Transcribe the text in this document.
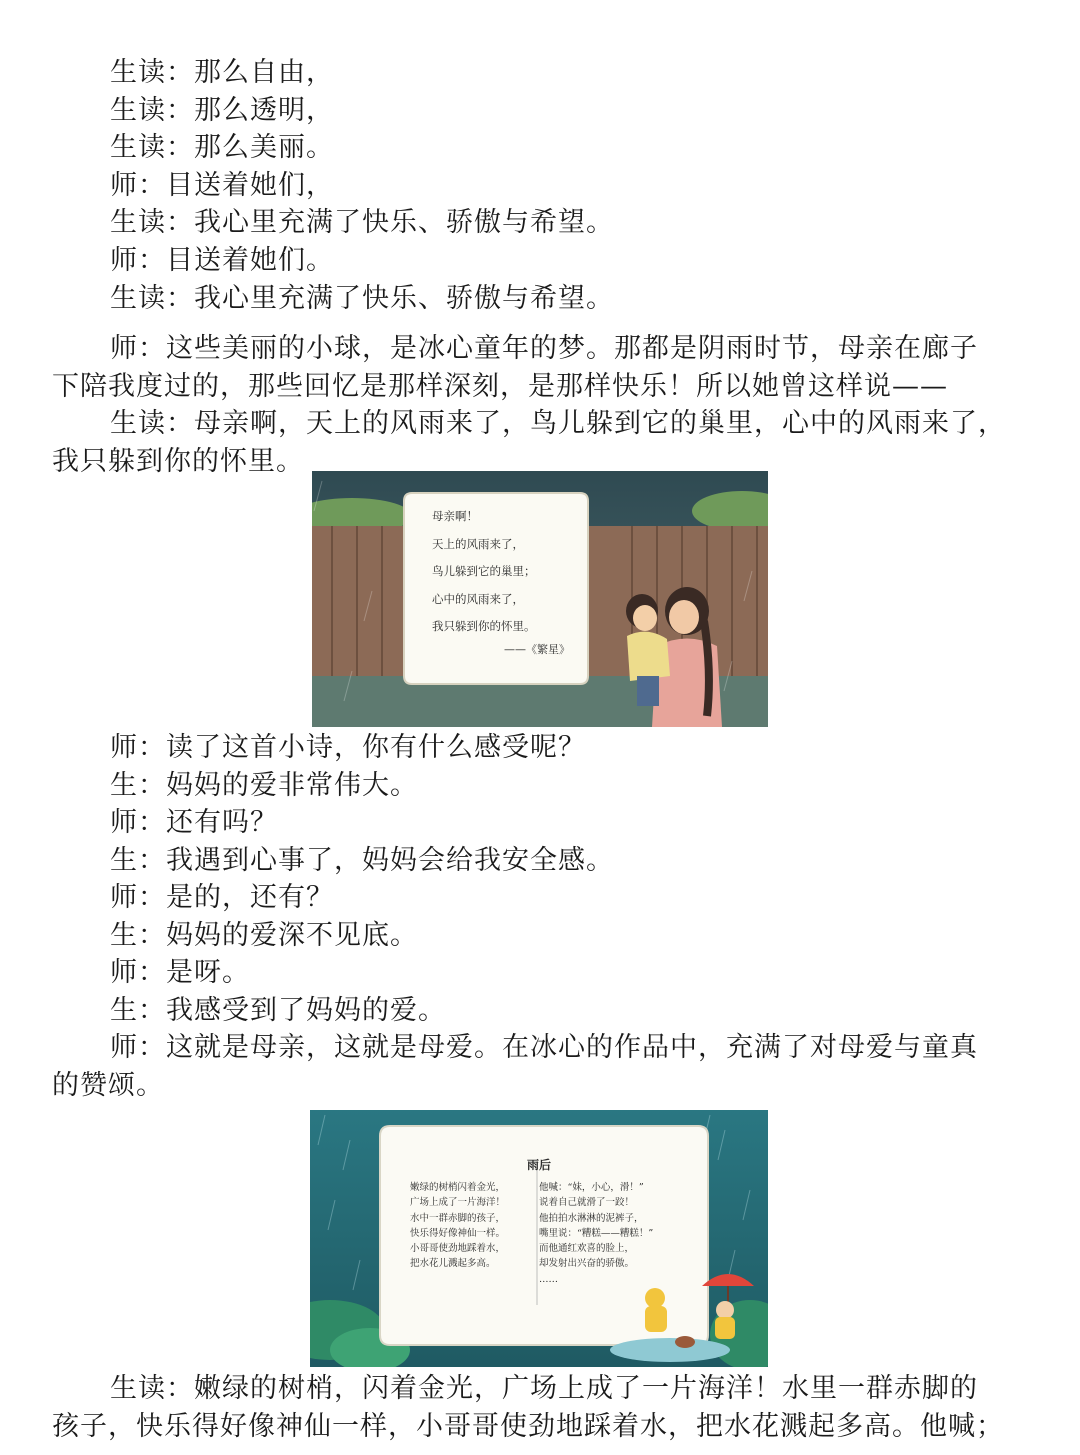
生读：那么自由，
生读：那么透明，
生读：那么美丽。
师：目送着她们，
生读：我心里充满了快乐、骄傲与希望。
师：目送着她们。
生读：我心里充满了快乐、骄傲与希望。
师：这些美丽的小球，是冰心童年的梦。那都是阴雨时节，母亲在廊子
下陪我度过的，那些回忆是那样深刻，是那样快乐！所以她曾这样说——
生读：母亲啊，天上的风雨来了，鸟儿躲到它的巢里，心中的风雨来了，
我只躲到你的怀里。
母亲啊！
天上的风雨来了，
鸟儿躲到它的巢里；
心中的风雨来了，
我只躲到你的怀里。
——《繁星》
师：读了这首小诗，你有什么感受呢？
生：妈妈的爱非常伟大。
师：还有吗？
生：我遇到心事了，妈妈会给我安全感。
师：是的，还有？
生：妈妈的爱深不见底。
师：是呀。
生：我感受到了妈妈的爱。
师：这就是母亲，这就是母爱。在冰心的作品中，充满了对母爱与童真
的赞颂。
雨后
嫩绿的树梢闪着金光，
广场上成了一片海洋！
水中一群赤脚的孩子，
快乐得好像神仙一样。
小哥哥使劲地踩着水，
把水花儿溅起多高。
他喊：“妹，小心，滑！”
说着自己就滑了一跤！
他拍拍水淋淋的泥裤子，
嘴里说：“糟糕——糟糕！”
而他通红欢喜的脸上，
却发射出兴奋的骄傲。
……
生读：嫩绿的树梢，闪着金光，广场上成了一片海洋！水里一群赤脚的
孩子，快乐得好像神仙一样，小哥哥使劲地踩着水，把水花溅起多高。他喊；
